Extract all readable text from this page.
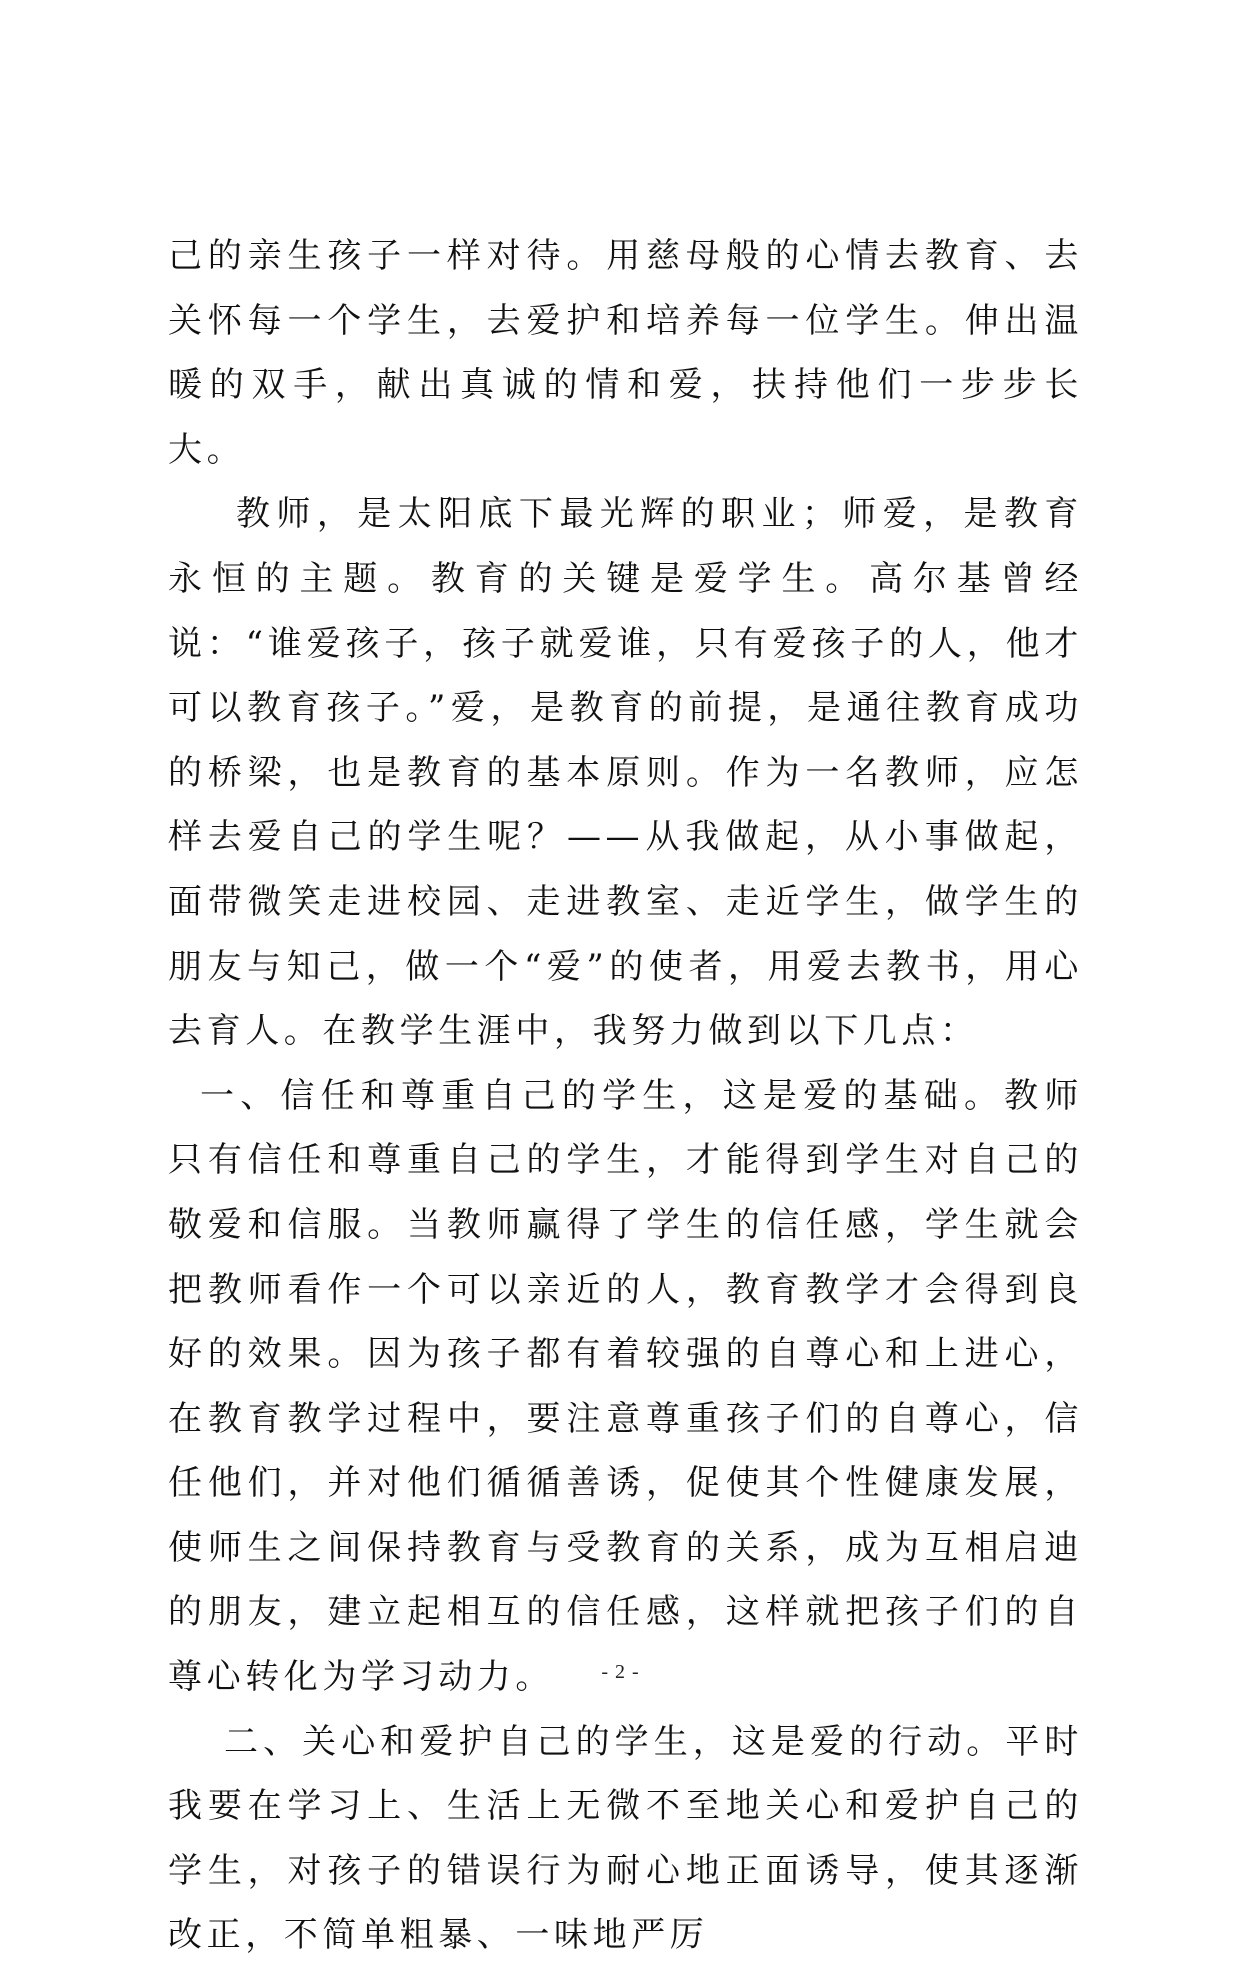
己的亲生孩子一样对待。用慈母般的心情去教育、去关怀每一个学生，去爱护和培养每一位学生。伸出温暖的双手，献出真诚的情和爱，扶持他们一步步长大。

教师，是太阳底下最光辉的职业；师爱，是教育永恒的主题。教育的关键是爱学生。高尔基曾经说：“谁爱孩子，孩子就爱谁，只有爱孩子的人，他才可以教育孩子。”爱，是教育的前提，是通往教育成功的桥梁，也是教育的基本原则。作为一名教师，应怎样去爱自己的学生呢？——从我做起，从小事做起，面带微笑走进校园、走进教室、走近学生，做学生的朋友与知己，做一个“爱”的使者，用爱去教书，用心去育人。在教学生涯中，我努力做到以下几点：

一、信任和尊重自己的学生，这是爱的基础。教师只有信任和尊重自己的学生，才能得到学生对自己的敬爱和信服。当教师赢得了学生的信任感，学生就会把教师看作一个可以亲近的人，教育教学才会得到良好的效果。因为孩子都有着较强的自尊心和上进心，在教育教学过程中，要注意尊重孩子们的自尊心，信任他们，并对他们循循善诱，促使其个性健康发展，使师生之间保持教育与受教育的关系，成为互相启迪的朋友，建立起相互的信任感，这样就把孩子们的自尊心转化为学习动力。

二、关心和爱护自己的学生，这是爱的行动。平时我要在学习上、生活上无微不至地关心和爱护自己的学生，对孩子的错误行为耐心地正面诱导，使其逐渐改正，不简单粗暴、一味地严厉

- 2 -
